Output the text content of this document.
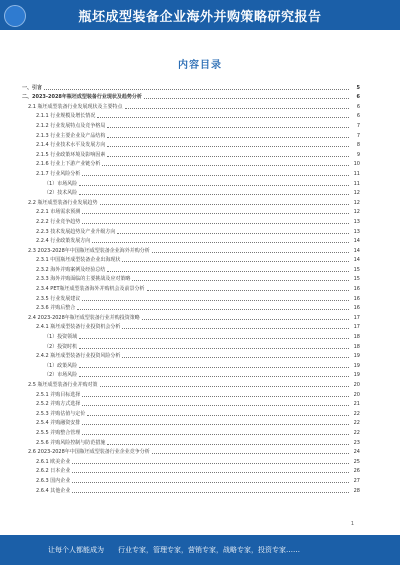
瓶坯成型装备企业海外并购策略研究报告
内容目录
一、引言	5
二、2023-2028年瓶坯成型装备行业现状及趋势分析	6
2.1 瓶坯成型装备行业发展现状及主要特点	6
2.1.1 行业规模及增长情况	6
2.1.2 行业发展特点及竞争格局	7
2.1.3 行业主要企业及产品结构	7
2.1.4 行业技术水平及发展方向	8
2.1.5 行业政策环境及影响因素	9
2.1.6 行业上下游产业链分析	10
2.1.7 行业风险分析	11
（1）市场风险	11
（2）技术风险	12
2.2 瓶坯成型装备行业发展趋势	12
2.2.1 市场需求预测	12
2.2.2 行业竞争趋势	13
2.2.3 技术发展趋势及产业升级方向	13
2.2.4 行业政策发展方向	14
2.3 2023-2028年中国瓶坯成型装备企业海外并购分析	14
2.3.1 中国瓶坯成型装备企业出海现状	14
2.3.2 海外并购案例及经验总结	15
2.3.3 海外并购面临的主要挑战及应对策略	15
2.3.4 PET瓶坯成型装备海外并购机会及前景分析	16
2.3.5 行业发展建议	16
2.3.6 并购后整合	16
2.4 2023-2028年瓶坯成型装备行业并购投资策略	17
2.4.1 瓶坯成型装备行业投资机会分析	17
（1）投资领域	18
（2）投资时机	18
2.4.2 瓶坯成型装备行业投资风险分析	19
（1）政策风险	19
（2）市场风险	19
2.5 瓶坯成型装备行业并购对策	20
2.5.1 并购目标选择	20
2.5.2 并购方式选择	21
2.5.3 并购估值与定价	22
2.5.4 并购融资安排	22
2.5.5 并购整合管理	22
2.5.6 并购风险控制与防范措施	23
2.6 2023-2028年中国瓶坯成型装备行业企业竞争分析	24
2.6.1 欧美企业	25
2.6.2 日本企业	26
2.6.3 国内企业	27
2.6.4 其他企业	28
1
让每个人都能成为	行业专家，管理专家，营销专家，战略专家，投资专家……
